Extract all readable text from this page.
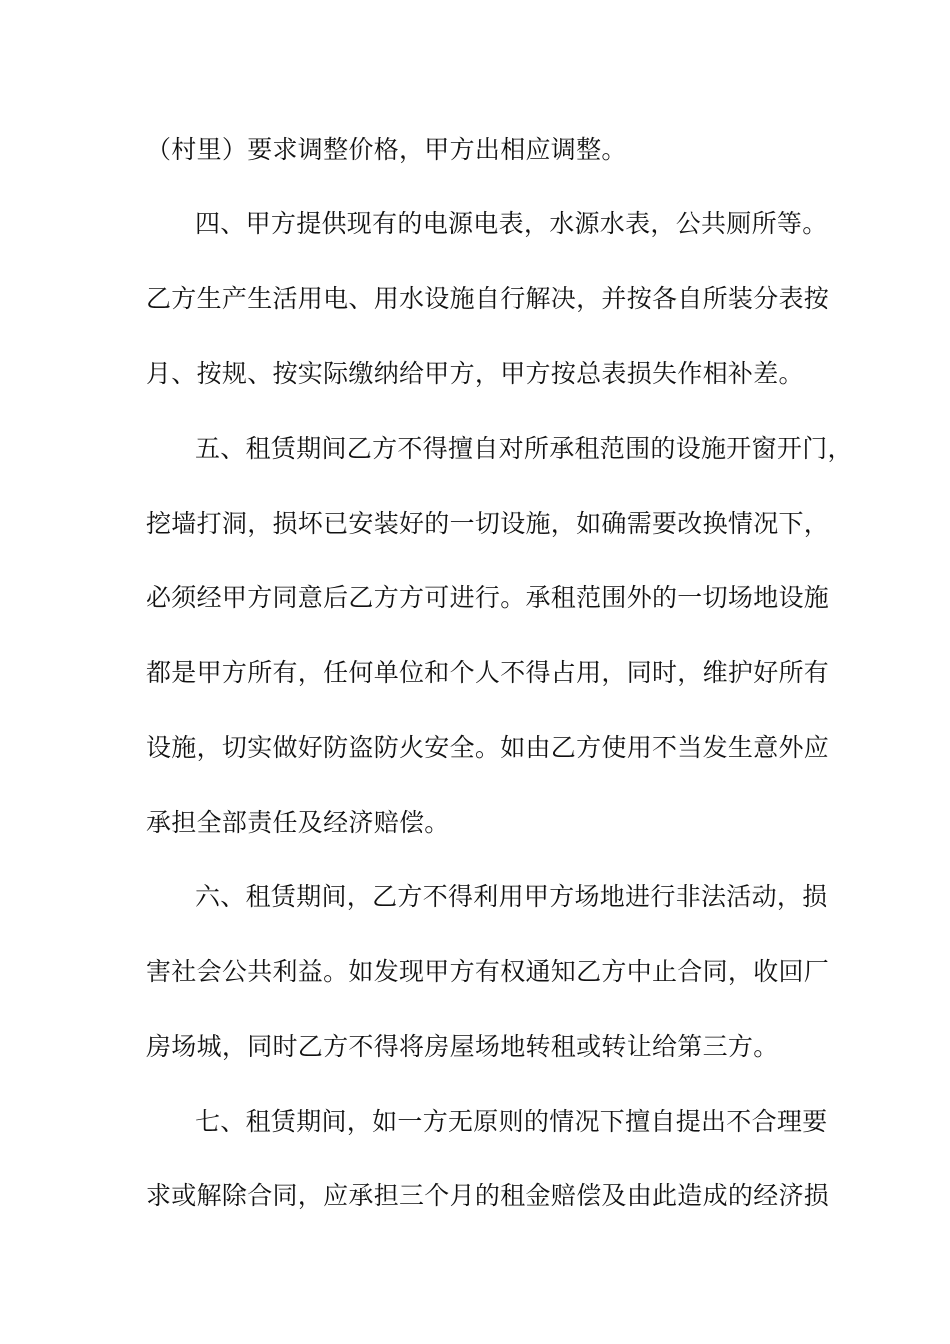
（村里）要求调整价格，甲方出相应调整。
四、甲方提供现有的电源电表，水源水表，公共厕所等。
乙方生产生活用电、用水设施自行解决，并按各自所装分表按
月、按规、按实际缴纳给甲方，甲方按总表损失作相补差。
五、租赁期间乙方不得擅自对所承租范围的设施开窗开门，
挖墙打洞，损坏已安装好的一切设施，如确需要改换情况下，
必须经甲方同意后乙方方可进行。承租范围外的一切场地设施
都是甲方所有，任何单位和个人不得占用，同时，维护好所有
设施，切实做好防盗防火安全。如由乙方使用不当发生意外应
承担全部责任及经济赔偿。
六、租赁期间，乙方不得利用甲方场地进行非法活动，损
害社会公共利益。如发现甲方有权通知乙方中止合同，收回厂
房场城，同时乙方不得将房屋场地转租或转让给第三方。
七、租赁期间，如一方无原则的情况下擅自提出不合理要
求或解除合同，应承担三个月的租金赔偿及由此造成的经济损
